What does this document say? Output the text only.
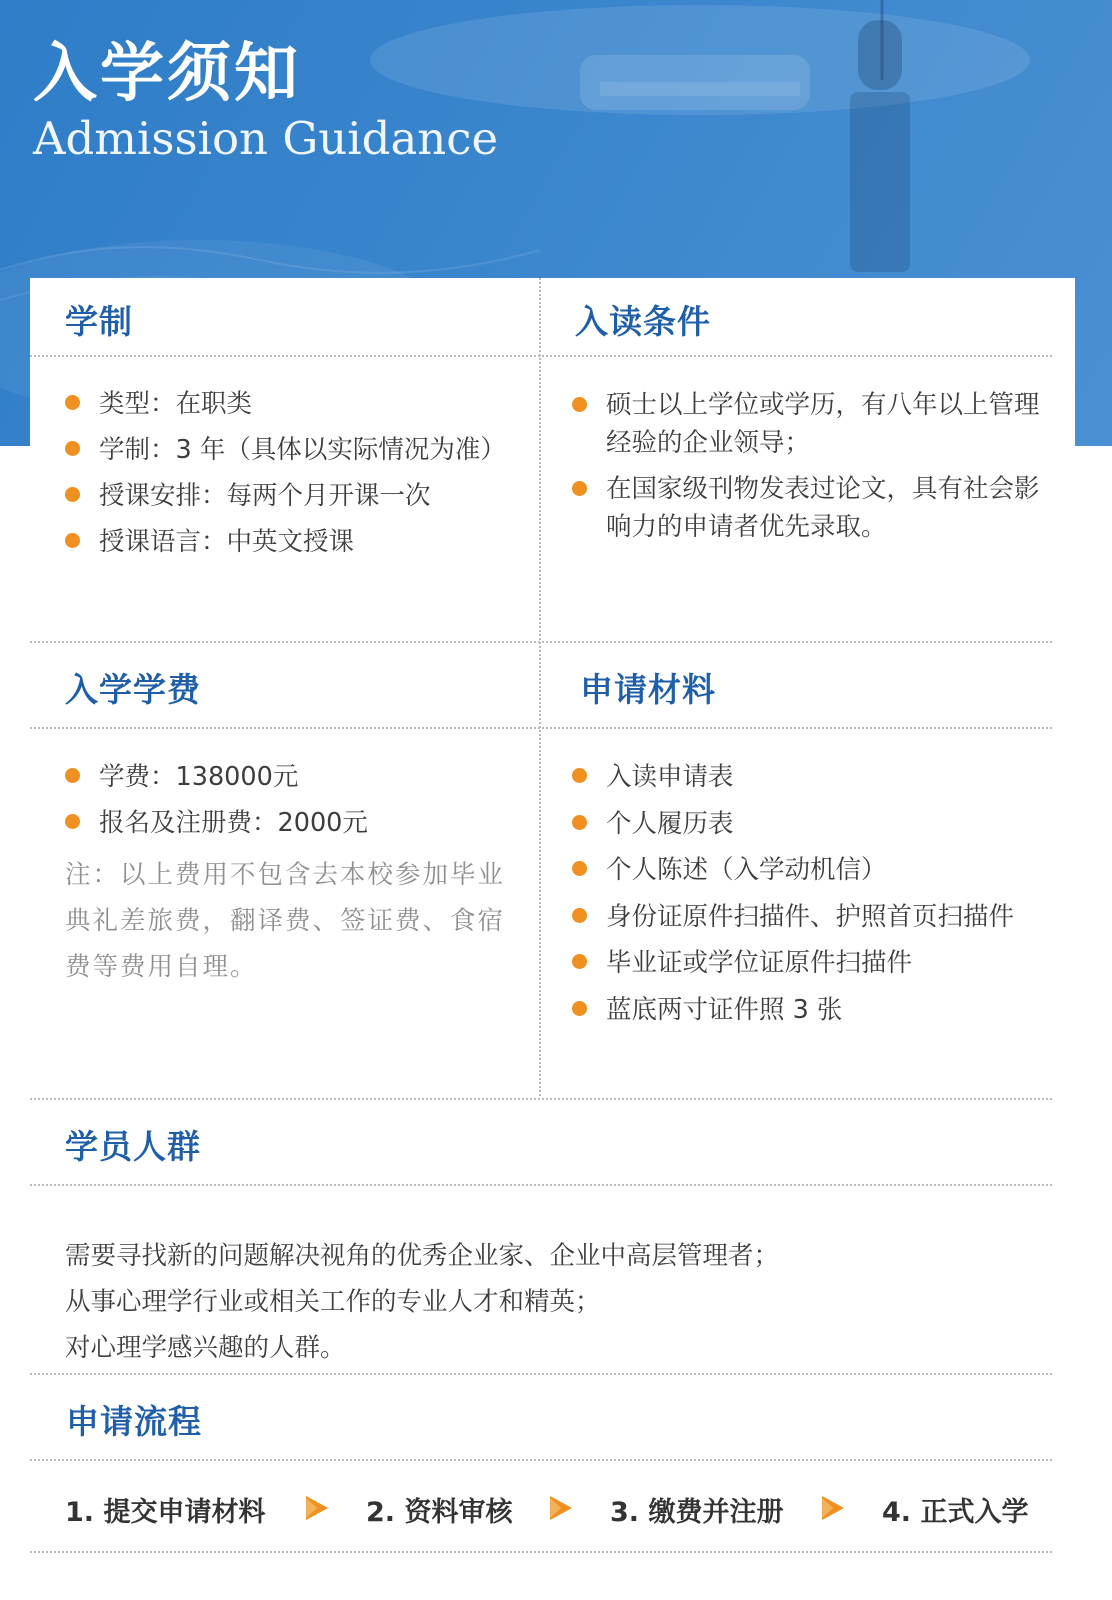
入学须知
Admission Guidance
学制
类型：在职类
学制：3 年（具体以实际情况为准）
授课安排：每两个月开课一次
授课语言：中英文授课
入读条件
硕士以上学位或学历，有八年以上管理经验的企业领导；
在国家级刊物发表过论文，具有社会影响力的申请者优先录取。
入学学费
学费：138000元
报名及注册费：2000元
注：以上费用不包含去本校参加毕业典礼差旅费，翻译费、签证费、食宿费等费用自理。
申请材料
入读申请表
个人履历表
个人陈述（入学动机信）
身份证原件扫描件、护照首页扫描件
毕业证或学位证原件扫描件
蓝底两寸证件照 3 张
学员人群
需要寻找新的问题解决视角的优秀企业家、企业中高层管理者；
从事心理学行业或相关工作的专业人才和精英；
对心理学感兴趣的人群。
申请流程
1. 提交申请材料	2. 资料审核	3. 缴费并注册	4. 正式入学
